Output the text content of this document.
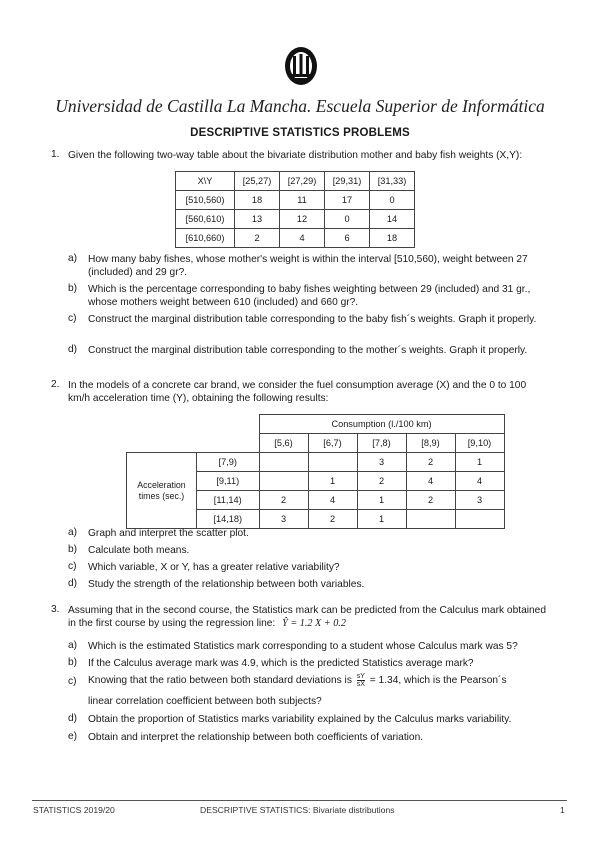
Universidad de Castilla La Mancha. Escuela Superior de Informática
DESCRIPTIVE STATISTICS PROBLEMS
1. Given the following two-way table about the bivariate distribution mother and baby fish weights (X,Y):
X\Y	[25,27)	[27,29)	[29,31)	[31,33)
[510,560)	18	11	17	0
[560,610)	13	12	0	14
[610,660)	2	4	6	18
a) How many baby fishes, whose mother's weight is within the interval [510,560), weight between 27 (included) and 29 gr?.
b) Which is the percentage corresponding to baby fishes weighting between 29 (included) and 31 gr., whose mothers weight between 610 (included) and 660 gr?.
c) Construct the marginal distribution table corresponding to the baby fish´s weights. Graph it properly.
d) Construct the marginal distribution table corresponding to the mother´s weights. Graph it properly.
2. In the models of a concrete car brand, we consider the fuel consumption average (X) and the 0 to 100 km/h acceleration time (Y), obtaining the following results:
		Consumption (l./100 km)				
		[5,6)	[6,7)	[7,8)	[8,9)	[9,10)
Acceleration times (sec.)	[7,9)			3	2	1
	[9,11)		1	2	4	4
	[11,14)	2	4	1	2	3
	[14,18)	3	2	1		
a) Graph and interpret the scatter plot.
b) Calculate both means.
c) Which variable, X or Y, has a greater relative variability?
d) Study the strength of the relationship between both variables.
3. Assuming that in the second course, the Statistics mark can be predicted from the Calculus mark obtained in the first course by using the regression line: Ŷ = 1.2 X + 0.2
a) Which is the estimated Statistics mark corresponding to a student whose Calculus mark was 5?
b) If the Calculus average mark was 4.9, which is the predicted Statistics average mark?
c) Knowing that the ratio between both standard deviations is $\frac{sY}{sX} = 1.34$, which is the Pearson´s
linear correlation coefficient between both subjects?
d) Obtain the proportion of Statistics marks variability explained by the Calculus marks variability.
e) Obtain and interpret the relationship between both coefficients of variation.
STATISTICS 2019/20	DESCRIPTIVE STATISTICS: Bivariate distributions	1
